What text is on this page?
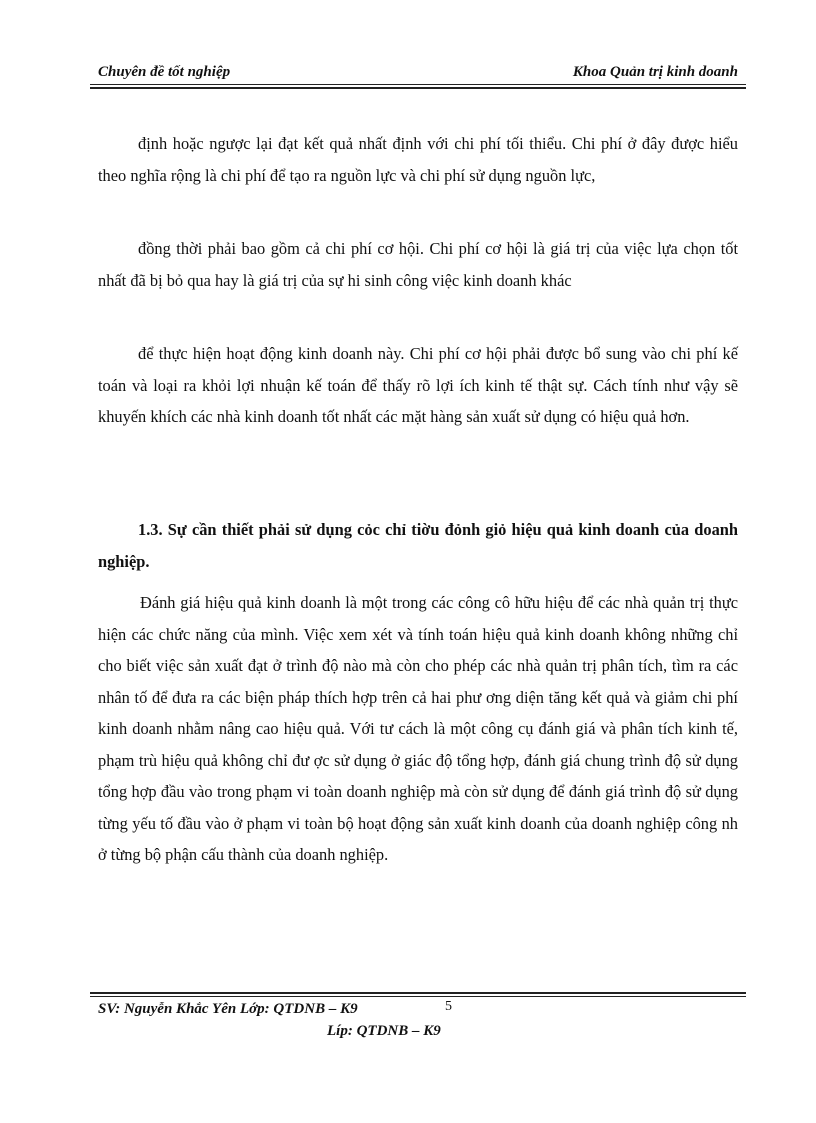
Chuyên đề tốt nghiệp	Khoa Quản trị kinh doanh

định hoặc ngược lại đạt kết quả nhất định với chi phí tối thiểu. Chi phí ở đây được hiểu theo nghĩa rộng là chi phí để tạo ra nguồn lực và chi phí sử dụng nguồn lực,

đồng thời phải bao gồm cả chi phí cơ hội. Chi phí cơ hội là giá trị của việc lựa chọn tốt nhất đã bị bỏ qua hay là giá trị của sự hi sinh công việc kinh doanh khác

để thực hiện hoạt động kinh doanh này. Chi phí cơ hội phải được bổ sung vào chi phí kế toán và loại ra khỏi lợi nhuận kế toán để thấy rõ lợi ích kinh tế thật sự. Cách tính như vậy sẽ khuyến khích các nhà kinh doanh tốt nhất các mặt hàng sản xuất sử dụng có hiệu quả hơn.

1.3. Sự cần thiết phải sử dụng cỏc chỉ tiờu đỏnh giỏ hiệu quả kinh doanh của doanh nghiệp.

Đánh giá hiệu quả kinh doanh là một trong các công cô hữu hiệu để các nhà quản trị thực hiện các chức năng của mình. Việc xem xét và tính toán hiệu quả kinh doanh không những chỉ cho biết việc sản xuất đạt ở trình độ nào mà còn cho phép các nhà quản trị phân tích, tìm ra các nhân tố để đưa ra các biện pháp thích hợp trên cả hai phư ơng diện tăng kết quả và giảm chi phí kinh doanh nhằm nâng cao hiệu quả. Với tư cách là một công cụ đánh giá và phân tích kinh tế, phạm trù hiệu quả không chỉ đư ợc sử dụng ở giác độ tổng hợp, đánh giá chung trình độ sử dụng tổng hợp đầu vào trong phạm vi toàn doanh nghiệp mà còn sử dụng để đánh giá trình độ sử dụng từng yếu tố đầu vào ở phạm vi toàn bộ hoạt động sản xuất kinh doanh của doanh nghiệp công nh ở từng bộ phận cấu thành của doanh nghiệp.

SV: Nguyễn Khắc Yên Lớp: QTDNB – K9	5
Líp: QTDNB – K9
